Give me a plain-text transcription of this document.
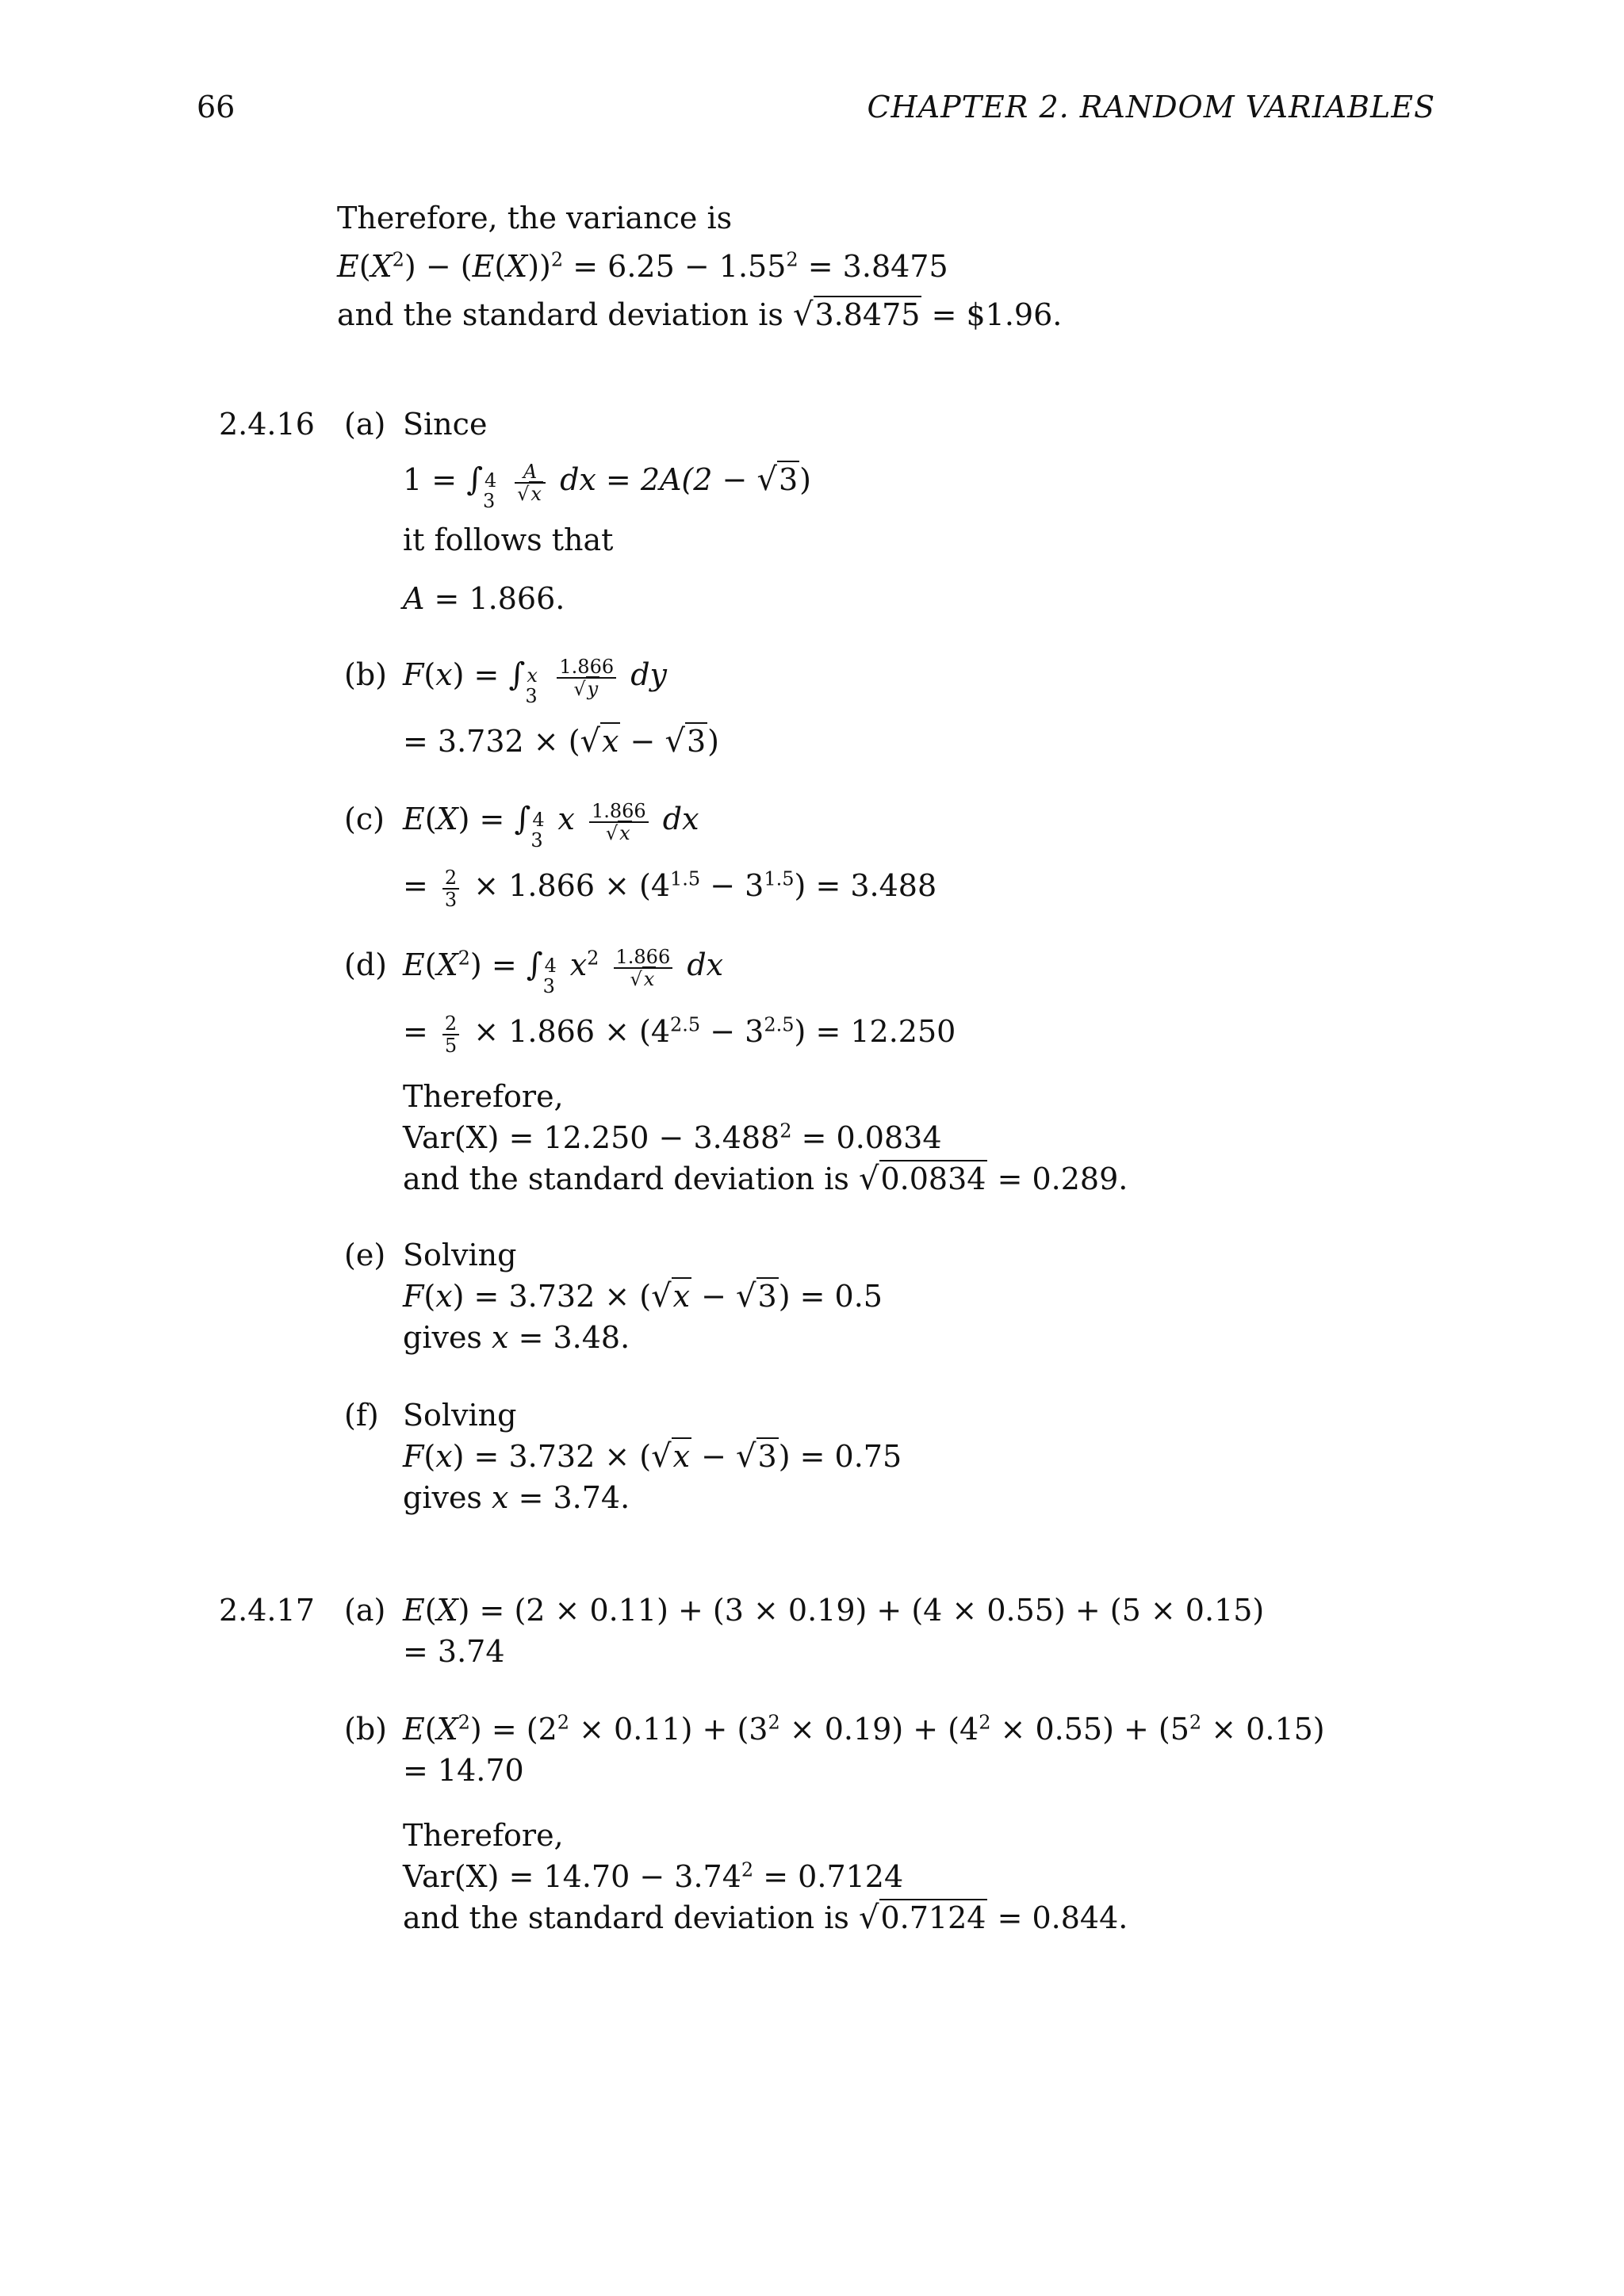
66	CHAPTER 2. RANDOM VARIABLES
Therefore, the variance is
$E(X^2) - (E(X))^2 = 6.25 - 1.55^2 = 3.8475$
and the standard deviation is √3.8475 = $1.96.
2.4.16 (a) Since
1 = ∫ 4
3
$\frac{A}{√x}$ dx = 2A(2 − √3)
it follows that
A = 1.866.
(b) F(x) = ∫ x
3
$\frac{1.866}{√y}$ dy
= 3.732 × (√x − √3)
(c) E(X) = ∫ 4
3
x $\frac{1.866}{√x}$ dx
= $\frac{2}{3} \times 1.866 \times (4^{1.5} - 3^{1.5}) = 3.488$
(d) $E(X^2)$ = ∫ 4
3
$x^2 \frac{1.866}{√x}$ dx
= $\frac{2}{5} \times 1.866 \times (4^{2.5} - 3^{2.5}) = 12.250$
Therefore,
$Var(X) = 12.250 - 3.488^2 = 0.0834$
and the standard deviation is √0.0834 = 0.289.
(e) Solving
F(x) = 3.732 × (√x − √3) = 0.5
gives x = 3.48.
(f) Solving
F(x) = 3.732 × (√x − √3) = 0.75
gives x = 3.74.
2.4.17 (a) E(X) = (2 × 0.11) + (3 × 0.19) + (4 × 0.55) + (5 × 0.15)
= 3.74
(b) $E(X^2) = (2^2 \times 0.11) + (3^2 \times 0.19) + (4^2 \times 0.55) + (5^2 \times 0.15)$
= 14.70
Therefore,
$Var(X) = 14.70 - 3.74^2 = 0.7124$
and the standard deviation is √0.7124 = 0.844.
